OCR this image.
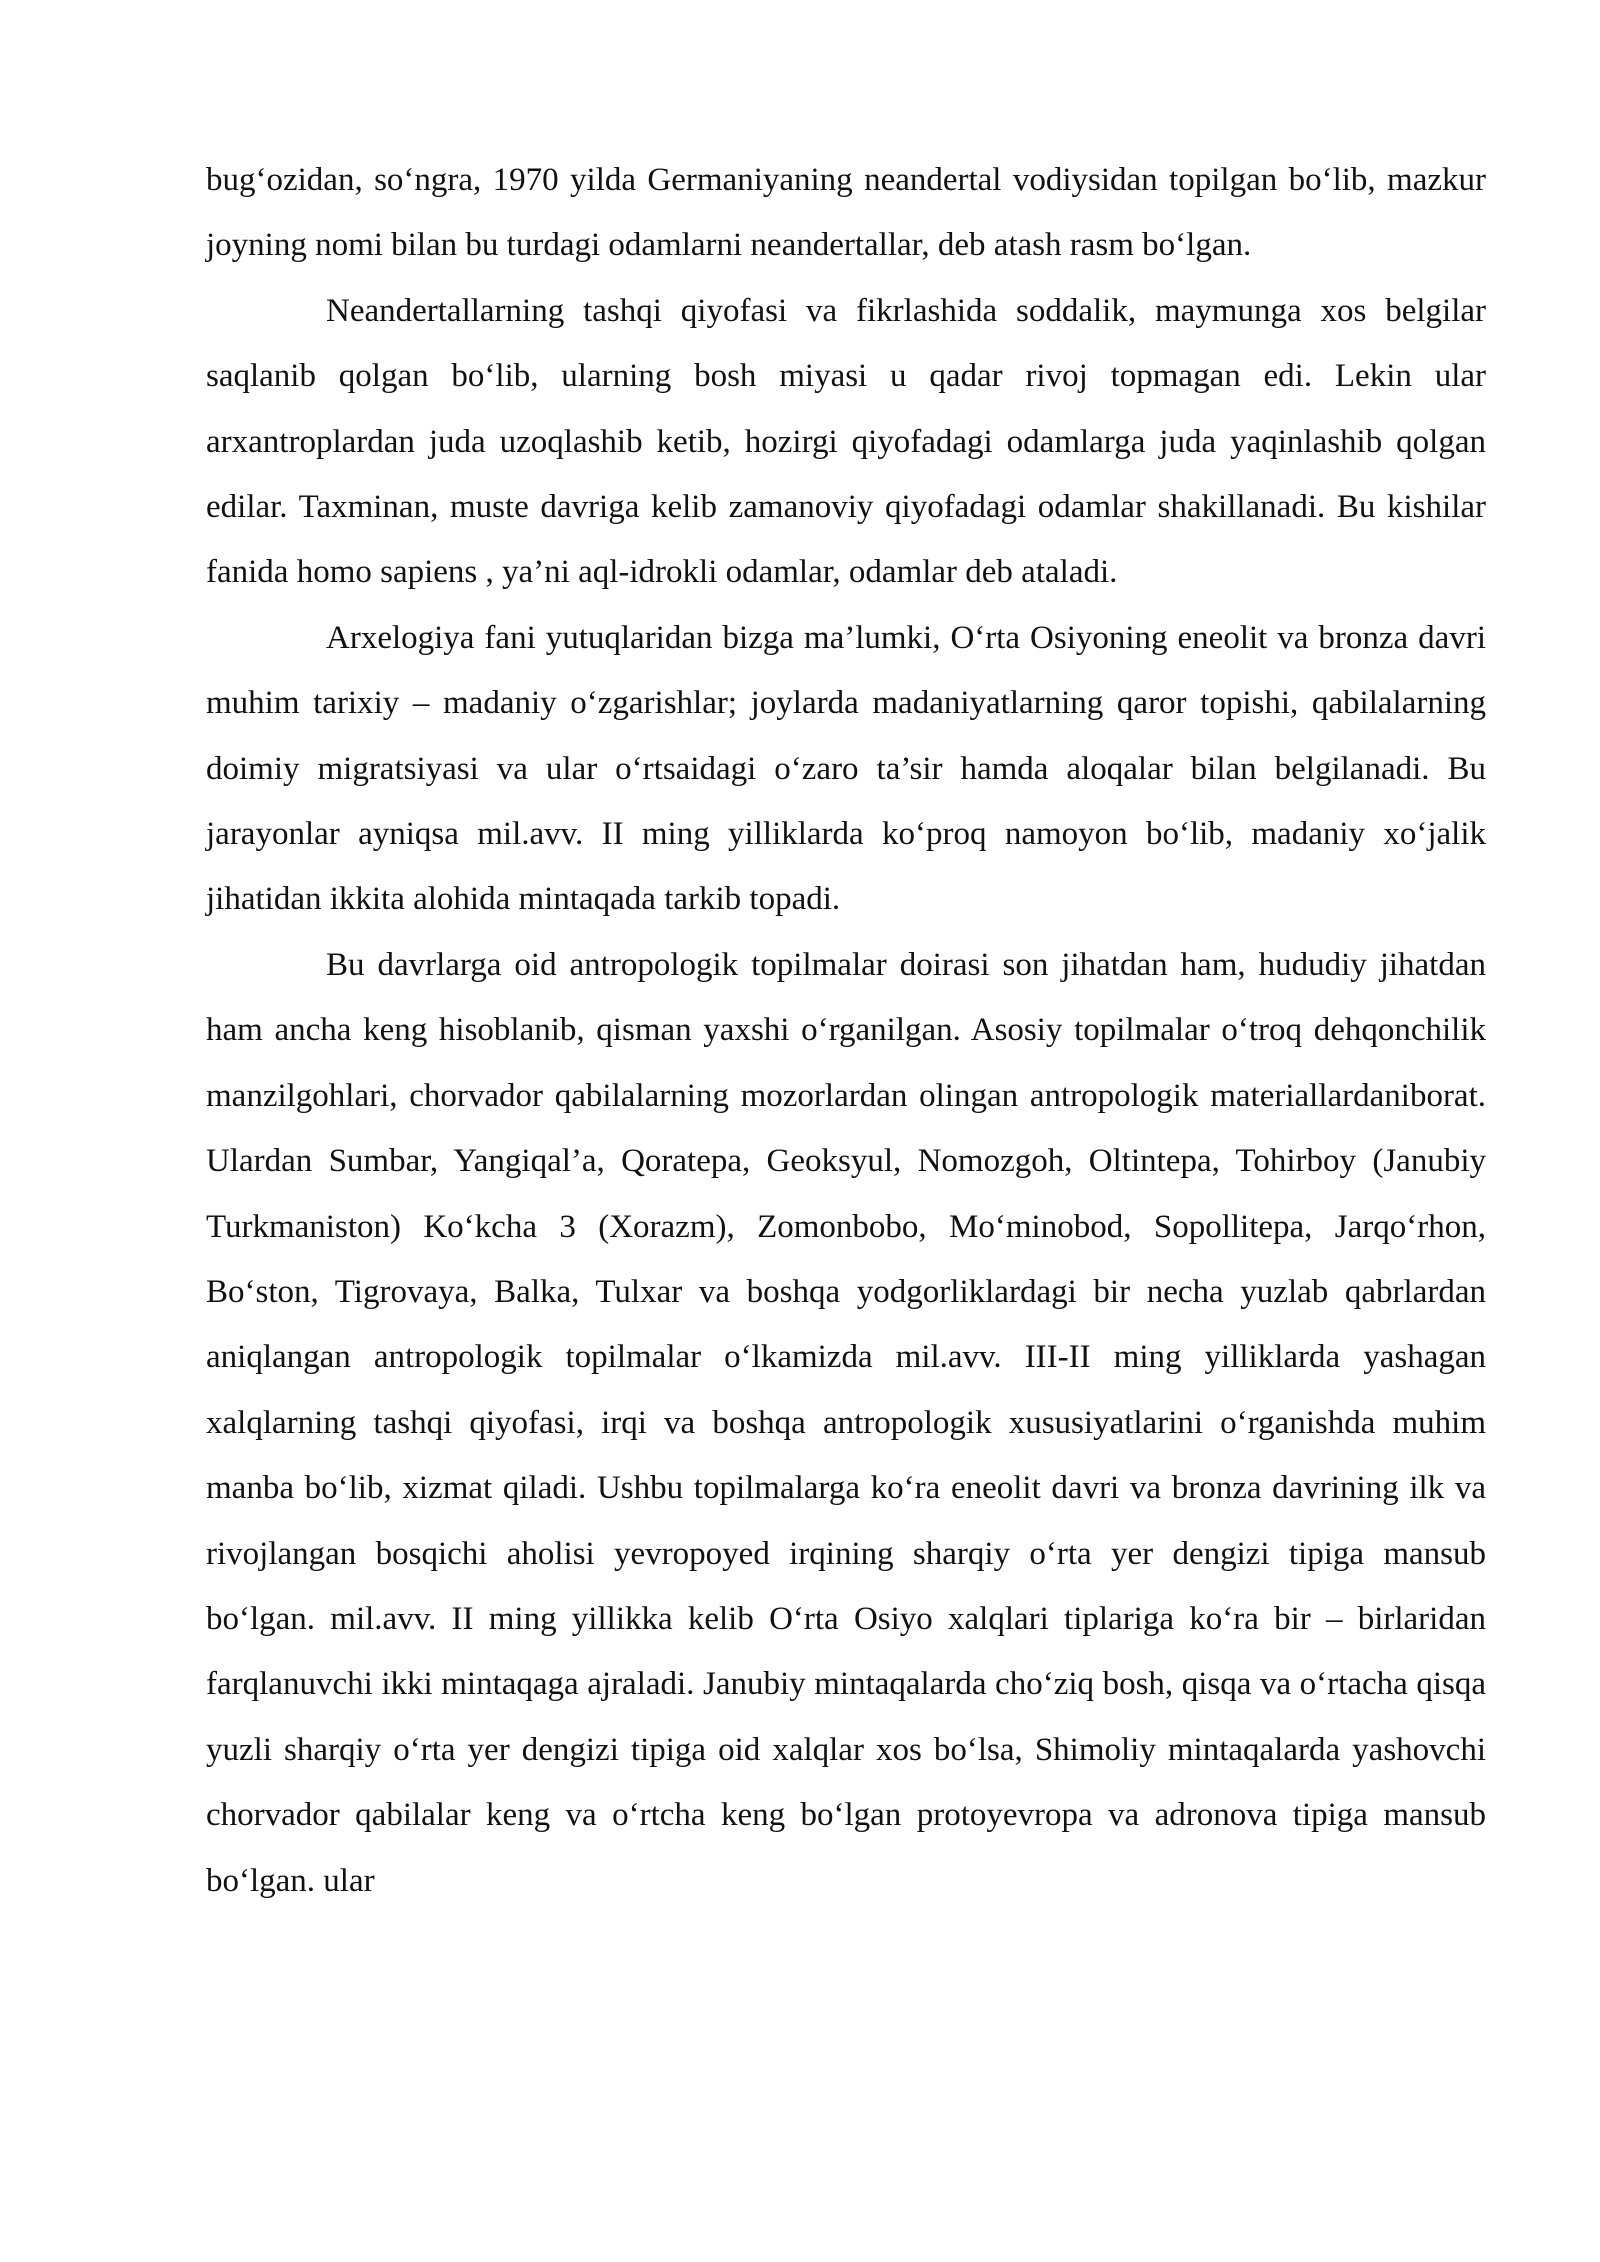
bug‘ozidan, so‘ngra, 1970 yilda Germaniyaning neandertal vodiysidan topilgan bo‘lib, mazkur joyning nomi bilan bu turdagi odamlarni neandertallar, deb atash rasm bo‘lgan.

Neandertallarning tashqi qiyofasi va fikrlashida soddalik, maymunga xos belgilar saqlanib qolgan bo‘lib, ularning bosh miyasi u qadar rivoj topmagan edi. Lekin ular arxantroplardan juda uzoqlashib ketib, hozirgi qiyofadagi odamlarga juda yaqinlashib qolgan edilar. Taxminan, muste davriga kelib zamanoviy qiyofadagi odamlar shakillanadi. Bu kishilar fanida homo sapiens , ya’ni aql-idrokli odamlar, odamlar deb ataladi.

Arxelogiya fani yutuqlaridan bizga ma’lumki, O‘rta Osiyoning eneolit va bronza davri muhim tarixiy – madaniy o‘zgarishlar; joylarda madaniyatlarning qaror topishi, qabilalarning doimiy migratsiyasi va ular o‘rtsaidagi o‘zaro ta’sir hamda aloqalar bilan belgilanadi. Bu jarayonlar ayniqsa mil.avv. II ming yilliklarda ko‘proq namoyon bo‘lib, madaniy xo‘jalik jihatidan ikkita alohida mintaqada tarkib topadi.

Bu davrlarga oid antropologik topilmalar doirasi son jihatdan ham, hududiy jihatdan ham ancha keng hisoblanib, qisman yaxshi o‘rganilgan. Asosiy topilmalar o‘troq dehqonchilik manzilgohlari, chorvador qabilalarning mozorlardan olingan antropologik materiallardaniborat. Ulardan Sumbar, Yangiqal’a, Qoratepa, Geoksyul, Nomozgoh, Oltintepa, Tohirboy (Janubiy Turkmaniston) Ko‘kcha 3 (Xorazm), Zomonbobo, Mo‘minobod, Sopollitepa, Jarqo‘rhon, Bo‘ston, Tigrovaya, Balka, Tulxar va boshqa yodgorliklardagi bir necha yuzlab qabrlardan aniqlangan antropologik topilmalar o‘lkamizda mil.avv. III-II ming yilliklarda yashagan xalqlarning tashqi qiyofasi, irqi va boshqa antropologik xususiyatlarini o‘rganishda muhim manba bo‘lib, xizmat qiladi. Ushbu topilmalarga ko‘ra eneolit davri va bronza davrining ilk va rivojlangan bosqichi aholisi yevropoyed irqining sharqiy o‘rta yer dengizi tipiga mansub bo‘lgan. mil.avv. II ming yillikka kelib O‘rta Osiyo xalqlari tiplariga ko‘ra bir – birlaridan farqlanuvchi ikki mintaqaga ajraladi. Janubiy mintaqalarda cho‘ziq bosh, qisqa va o‘rtacha qisqa yuzli sharqiy o‘rta yer dengizi tipiga oid xalqlar xos bo‘lsa, Shimoliy mintaqalarda yashovchi chorvador qabilalar keng va o‘rtcha keng bo‘lgan protoyevropa va adronova tipiga mansub bo‘lgan. ular
